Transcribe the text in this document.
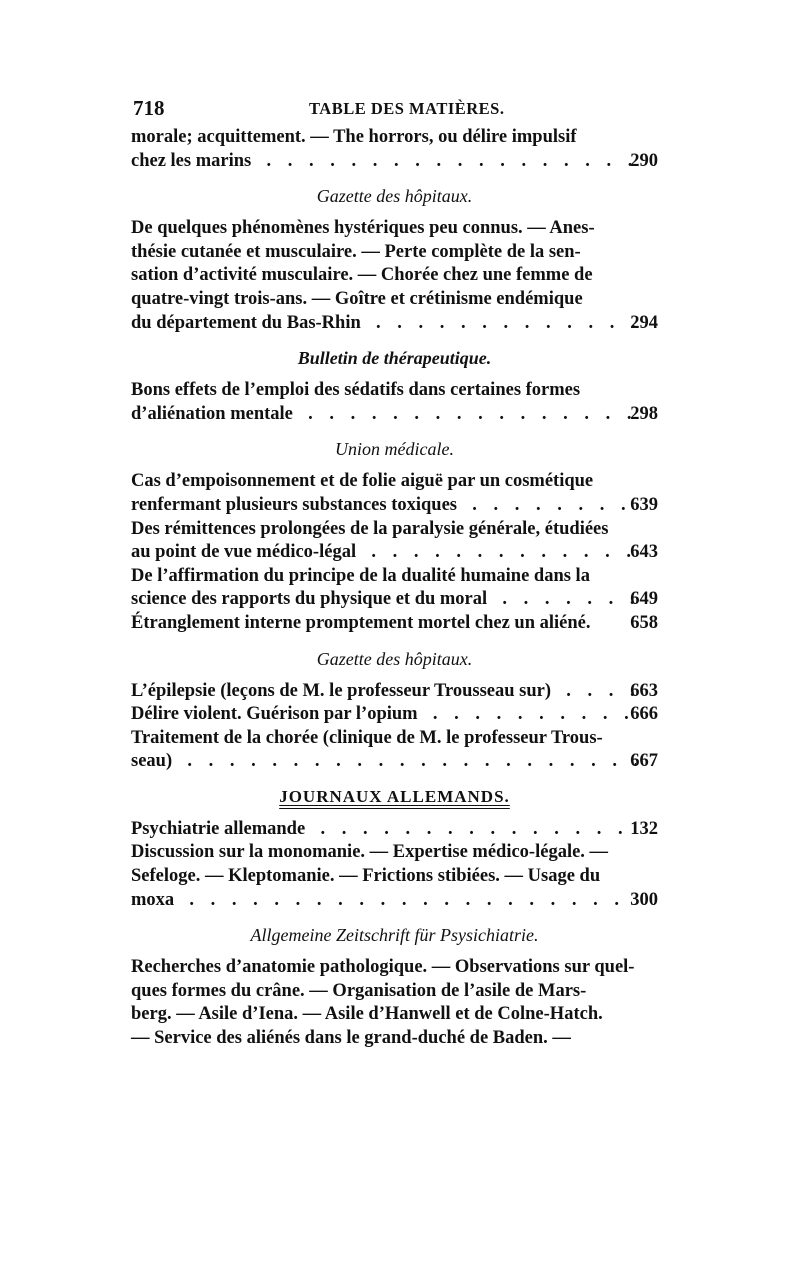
718	TABLE DES MATIÈRES.
morale; acquittement. — The horrors, ou délire impulsif
chez les marins . . .	290
Gazette des hôpitaux.
De quelques phénomènes hystériques peu connus. — Anes-
thésie cutanée et musculaire. — Perte complète de la sen-
sation d’activité musculaire. — Chorée chez une femme de
quatre-vingt trois-ans. — Goître et crétinisme endémique
du département du Bas-Rhin . . .	294
Bulletin de thérapeutique.
Bons effets de l’emploi des sédatifs dans certaines formes
d’aliénation mentale . . .	298
Union médicale.
Cas d’empoisonnement et de folie aiguë par un cosmétique
renfermant plusieurs substances toxiques . . .	639
Des rémittences prolongées de la paralysie générale, étudiées
au point de vue médico-légal . . .	643
De l’affirmation du principe de la dualité humaine dans la
science des rapports du physique et du moral . . .	649
Étranglement interne promptement mortel chez un aliéné. 658
Gazette des hôpitaux.
L’épilepsie (leçons de M. le professeur Trousseau sur) . . .	663
Délire violent. Guérison par l’opium . . .	666
Traitement de la chorée (clinique de M. le professeur Trous-
seau) . . .	667
JOURNAUX ALLEMANDS.
Psychiatrie allemande . . .	132
Discussion sur la monomanie. — Expertise médico-légale. —
Sefeloge. — Kleptomanie. — Frictions stibiées. — Usage du
moxa . . .	300
Allgemeine Zeitschrift für Psysichiatrie.
Recherches d’anatomie pathologique. — Observations sur quel-
ques formes du crâne. — Organisation de l’asile de Mars-
berg. — Asile d’Iena. — Asile d’Hanwell et de Colne-Hatch.
— Service des aliénés dans le grand-duché de Baden. —
